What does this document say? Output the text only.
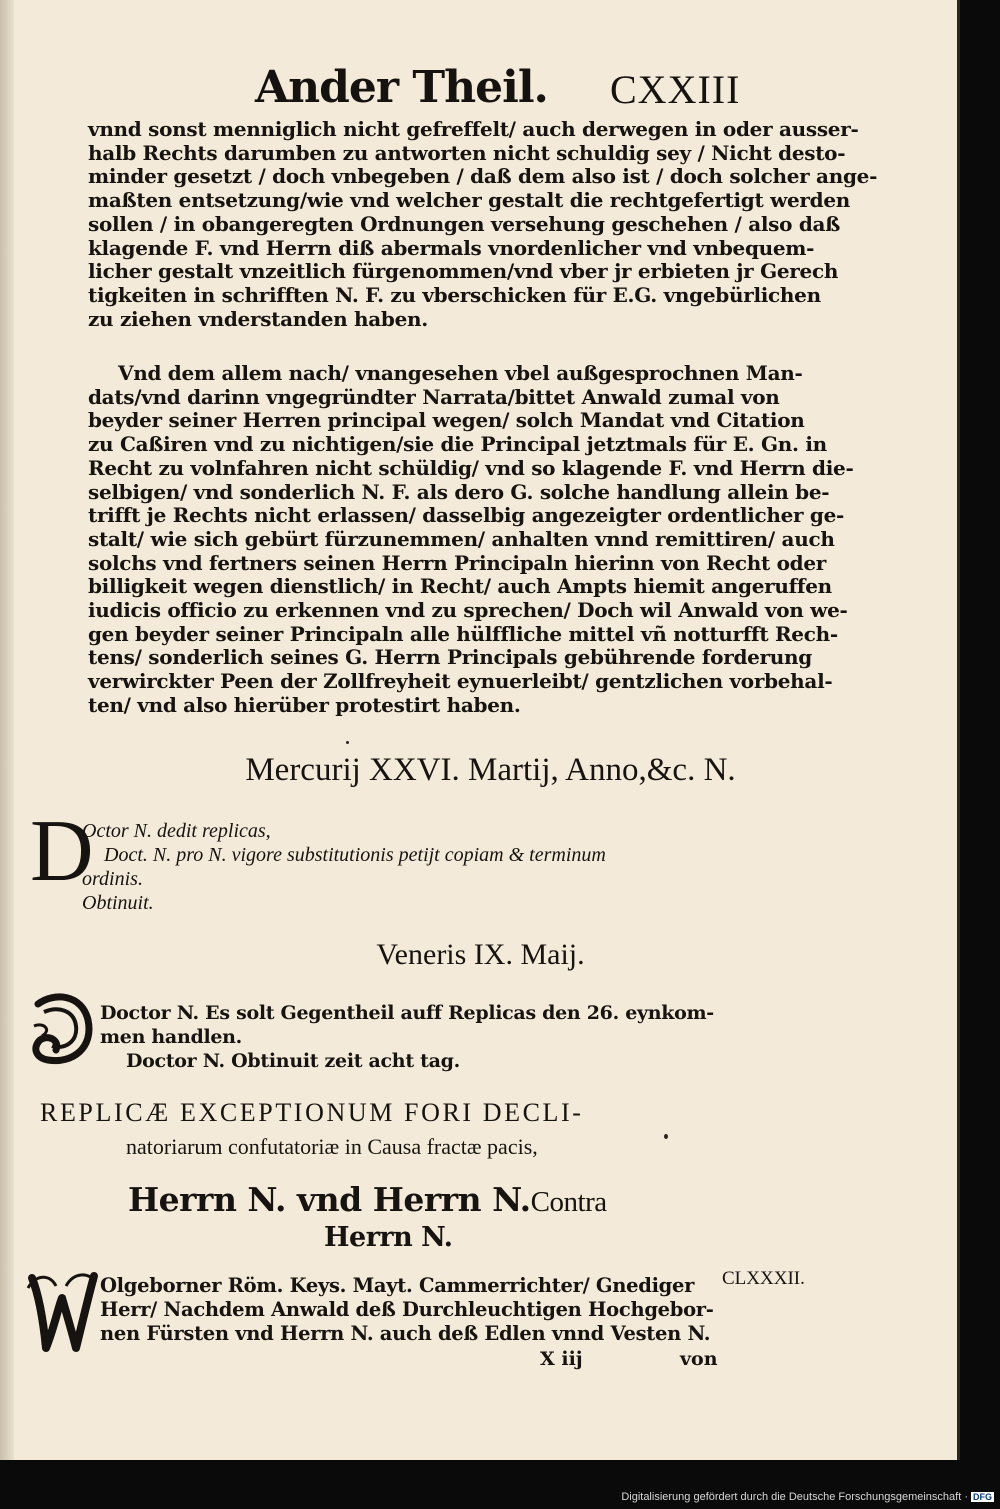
Ander Theil. CXXIII

vnnd sonst menniglich nicht gefreffelt/ auch derwegen in oder ausser-
halb Rechts darumben zu antworten nicht schuldig sey / Nicht desto-
minder gesetzt / doch vnbegeben / daß dem also ist / doch solcher ange-
maßten entsetzung/wie vnd welcher gestalt die rechtgefertigt werden
sollen / in obangeregten Ordnungen versehung geschehen / also daß
klagende F. vnd Herrn diß abermals vnordenlicher vnd vnbequem-
licher gestalt vnzeitlich fürgenommen/vnd vber jr erbieten jr Gerech
tigkeiten in schrifften N. F. zu vberschicken für E.G. vngebürlichen
zu ziehen vnderstanden haben.

Vnd dem allem nach/ vnangesehen vbel außgesprochnen Man-
dats/vnd darinn vngegründter Narrata/bittet Anwald zumal von
beyder seiner Herren principal wegen/ solch Mandat vnd Citation
zu Caßiren vnd zu nichtigen/sie die Principal jetztmals für E. Gn. in
Recht zu volnfahren nicht schüldig/ vnd so klagende F. vnd Herrn die-
selbigen/ vnd sonderlich N. F. als dero G. solche handlung allein be-
trifft je Rechts nicht erlassen/ dasselbig angezeigter ordentlicher ge-
stalt/ wie sich gebürt fürzunemmen/ anhalten vnnd remittiren/ auch
solchs vnd fertners seinen Herrn Principaln hierinn von Recht oder
billigkeit wegen dienstlich/ in Recht/ auch Ampts hiemit angeruffen
iudicis officio zu erkennen vnd zu sprechen/ Doch wil Anwald von we-
gen beyder seiner Principaln alle hülffliche mittel vñ notturfft Rech-
tens/ sonderlich seines G. Herrn Principals gebührende forderung
verwirckter Peen der Zollfreyheit eynuerleibt/ gentzlichen vorbehal-
ten/ vnd also hierüber protestirt haben.

Mercurij XXVI. Martij, Anno,&c. N.
D

Octor N. dedit replicas,

Doct. N. pro N. vigore substitutionis petijt copiam & terminum

ordinis.

Obtinuit.

Veneris IX. Maij.

Doctor N. Es solt Gegentheil auff Replicas den 26. eynkom-

men handlen.

Doctor N. Obtinuit zeit acht tag.

REPLICÆ EXCEPTIONUM FORI DECLI-
natoriarum confutatoriæ in Causa fractæ pacis,
Herrn N. vnd Herrn N.Contra
Herrn N.
Olgeborner Röm. Keys. Mayt. Cammerrichter/ Gnediger
Herr/ Nachdem Anwald deß Durchleuchtigen Hochgebor-
nen Fürsten vnd Herrn N. auch deß Edlen vnnd Vesten N.
CLXXXII.
X iij	von
Digitalisierung gefördert durch die Deutsche Forschungsgemeinschaft · DFG
